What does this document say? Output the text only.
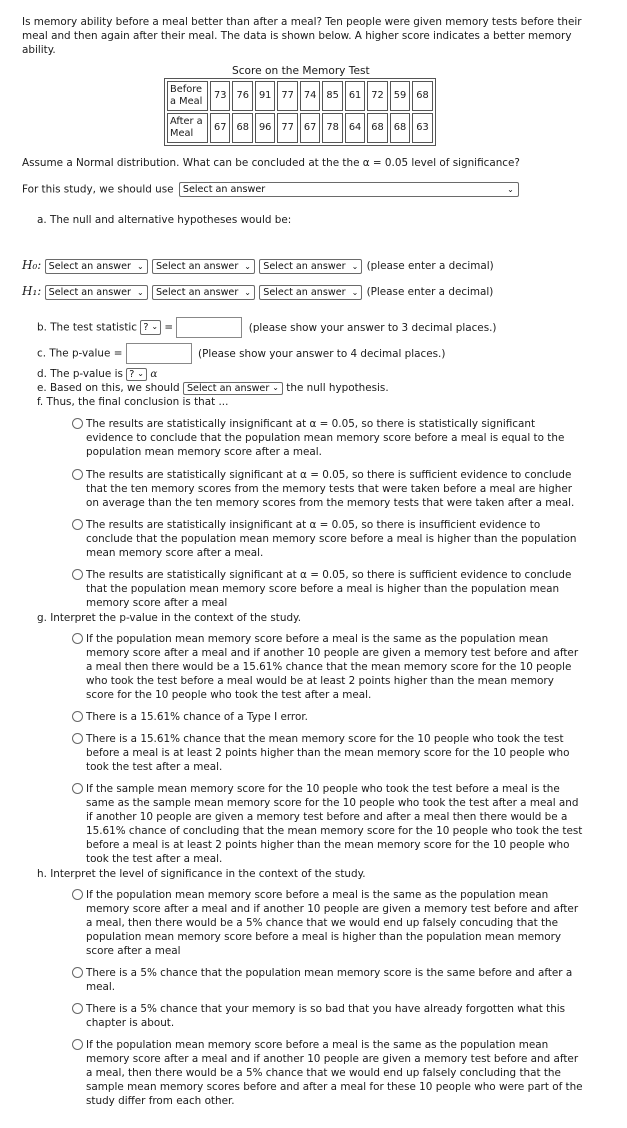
Is memory ability before a meal better than after a meal? Ten people were given memory tests before their meal and then again after their meal. The data is shown below. A higher score indicates a better memory ability.
Score on the Memory Test
Before a Meal	73	76	91	77	74	85	61	72	59	68
After a Meal	67	68	96	77	67	78	64	68	68	63
Assume a Normal distribution. What can be concluded at the the α = 0.05 level of significance?
For this study, we should use Select an answer	⌄
a. The null and alternative hypotheses would be:
H₀: Select an answer ⌄ Select an answer ⌄ Select an answer ⌄ (please enter a decimal)
H₁: Select an answer ⌄ Select an answer ⌄ Select an answer ⌄ (Please enter a decimal)
b. The test statistic ? ⌄ =	(please show your answer to 3 decimal places.)
c. The p-value =	(Please show your answer to 4 decimal places.)
d. The p-value is ? ⌄ α
e. Based on this, we should Select an answer ⌄ the null hypothesis.
f. Thus, the final conclusion is that ...
The results are statistically insignificant at α = 0.05, so there is statistically significant evidence to conclude that the population mean memory score before a meal is equal to the population mean memory score after a meal.
The results are statistically significant at α = 0.05, so there is sufficient evidence to conclude that the ten memory scores from the memory tests that were taken before a meal are higher on average than the ten memory scores from the memory tests that were taken after a meal.
The results are statistically insignificant at α = 0.05, so there is insufficient evidence to conclude that the population mean memory score before a meal is higher than the population mean memory score after a meal.
The results are statistically significant at α = 0.05, so there is sufficient evidence to conclude that the population mean memory score before a meal is higher than the population mean memory score after a meal
g. Interpret the p-value in the context of the study.
If the population mean memory score before a meal is the same as the population mean memory score after a meal and if another 10 people are given a memory test before and after a meal then there would be a 15.61% chance that the mean memory score for the 10 people who took the test before a meal would be at least 2 points higher than the mean memory score for the 10 people who took the test after a meal.
There is a 15.61% chance of a Type I error.
There is a 15.61% chance that the mean memory score for the 10 people who took the test before a meal is at least 2 points higher than the mean memory score for the 10 people who took the test after a meal.
If the sample mean memory score for the 10 people who took the test before a meal is the same as the sample mean memory score for the 10 people who took the test after a meal and if another 10 people are given a memory test before and after a meal then there would be a 15.61% chance of concluding that the mean memory score for the 10 people who took the test before a meal is at least 2 points higher than the mean memory score for the 10 people who took the test after a meal.
h. Interpret the level of significance in the context of the study.
If the population mean memory score before a meal is the same as the population mean memory score after a meal and if another 10 people are given a memory test before and after a meal, then there would be a 5% chance that we would end up falsely concuding that the population mean memory score before a meal is higher than the population mean memory score after a meal
There is a 5% chance that the population mean memory score is the same before and after a meal.
There is a 5% chance that your memory is so bad that you have already forgotten what this chapter is about.
If the population mean memory score before a meal is the same as the population mean memory score after a meal and if another 10 people are given a memory test before and after a meal, then there would be a 5% chance that we would end up falsely concluding that the sample mean memory scores before and after a meal for these 10 people who were part of the study differ from each other.
